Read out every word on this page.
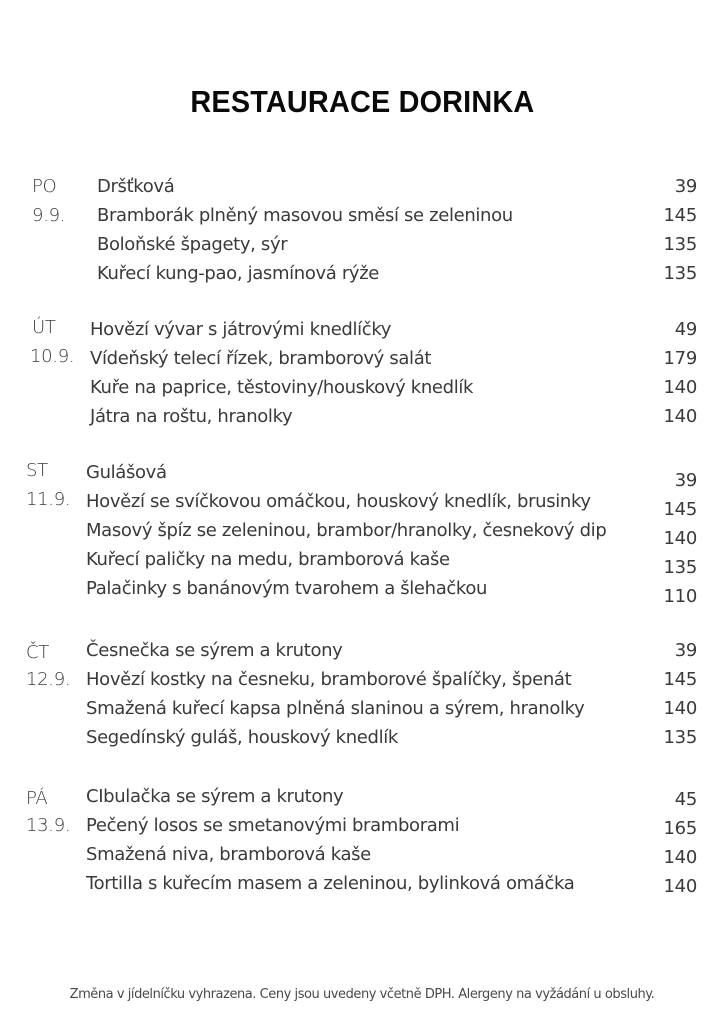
RESTAURACE DORINKA
PO
9.9.
Dršťková	39
Bramborák plněný masovou směsí se zeleninou	145
Boloňské špagety, sýr	135
Kuřecí kung-pao, jasmínová rýže	135
ÚT
10.9.
Hovězí vývar s játrovými knedlíčky	49
Vídeňský telecí řízek, bramborový salát	179
Kuře na paprice, těstoviny/houskový knedlík	140
Játra na roštu, hranolky	140
ST
11.9.
Gulášová	39
Hovězí se svíčkovou omáčkou, houskový knedlík, brusinky	145
Masový špíz se zeleninou, brambor/hranolky, česnekový dip	140
Kuřecí paličky na medu, bramborová kaše	135
Palačinky s banánovým tvarohem a šlehačkou	110
ČT
12.9.
Česnečka se sýrem a krutony	39
Hovězí kostky na česneku, bramborové špalíčky, špenát	145
Smažená kuřecí kapsa plněná slaninou a sýrem, hranolky	140
Segedínský guláš, houskový knedlík	135
PÁ
13.9.
CIbulačka se sýrem a krutony	45
Pečený losos se smetanovými bramborami	165
Smažená niva, bramborová kaše	140
Tortilla s kuřecím masem a zeleninou, bylinková omáčka	140
Změna v jídelníčku vyhrazena. Ceny jsou uvedeny včetně DPH. Alergeny na vyžádání u obsluhy.
